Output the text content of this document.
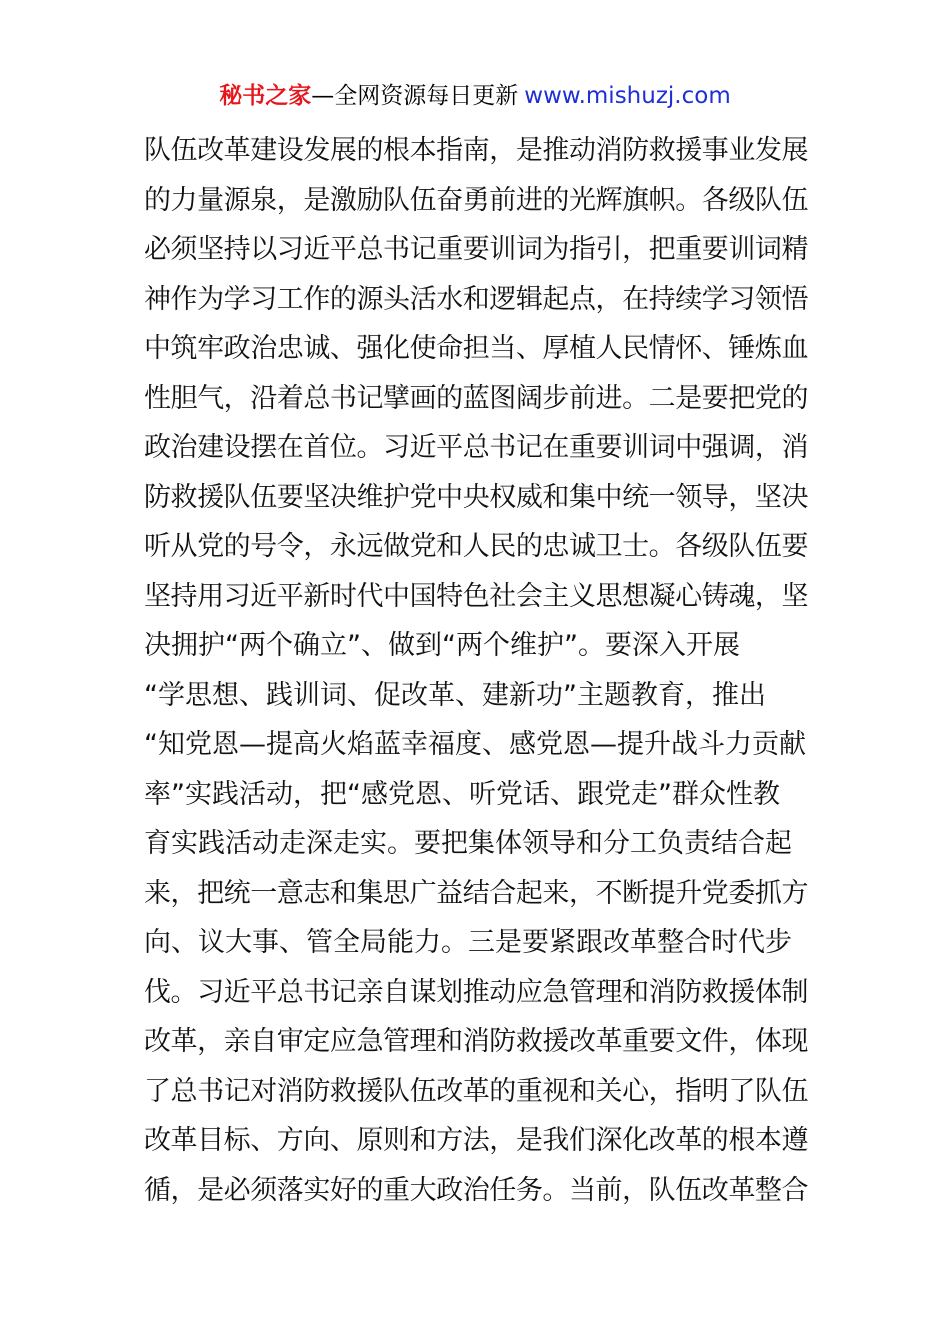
秘书之家—全网资源每日更新 www.mishuzj.com
队伍改革建设发展的根本指南，是推动消防救援事业发展
的力量源泉，是激励队伍奋勇前进的光辉旗帜。各级队伍
必须坚持以习近平总书记重要训词为指引，把重要训词精
神作为学习工作的源头活水和逻辑起点，在持续学习领悟
中筑牢政治忠诚、强化使命担当、厚植人民情怀、锤炼血
性胆气，沿着总书记擘画的蓝图阔步前进。二是要把党的
政治建设摆在首位。习近平总书记在重要训词中强调，消
防救援队伍要坚决维护党中央权威和集中统一领导，坚决
听从党的号令，永远做党和人民的忠诚卫士。各级队伍要
坚持用习近平新时代中国特色社会主义思想凝心铸魂，坚
决拥护“两个确立”、做到“两个维护”。要深入开展
“学思想、践训词、促改革、建新功”主题教育，推出
“知党恩—提高火焰蓝幸福度、感党恩—提升战斗力贡献
率”实践活动，把“感党恩、听党话、跟党走”群众性教
育实践活动走深走实。要把集体领导和分工负责结合起
来，把统一意志和集思广益结合起来，不断提升党委抓方
向、议大事、管全局能力。三是要紧跟改革整合时代步
伐。习近平总书记亲自谋划推动应急管理和消防救援体制
改革，亲自审定应急管理和消防救援改革重要文件，体现
了总书记对消防救援队伍改革的重视和关心，指明了队伍
改革目标、方向、原则和方法，是我们深化改革的根本遵
循，是必须落实好的重大政治任务。当前，队伍改革整合
